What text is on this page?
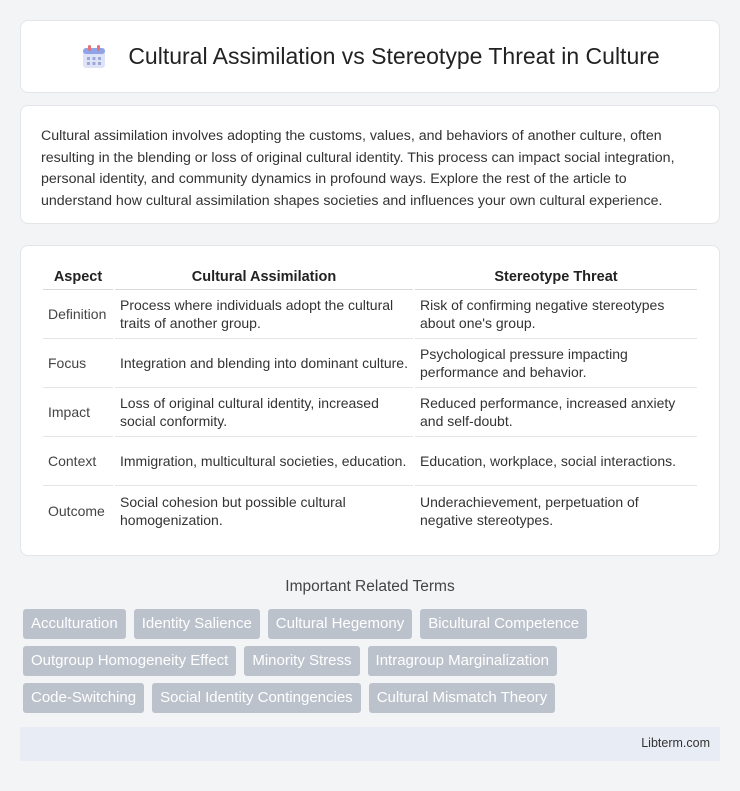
Cultural Assimilation vs Stereotype Threat in Culture

Cultural assimilation involves adopting the customs, values, and behaviors of another culture, often resulting in the blending or loss of original cultural identity. This process can impact social integration, personal identity, and community dynamics in profound ways. Explore the rest of the article to understand how cultural assimilation shapes societies and influences your own cultural experience.

Aspect	Cultural Assimilation	Stereotype Threat
Definition	Process where individuals adopt the cultural traits of another group.	Risk of confirming negative stereotypes about one's group.
Focus	Integration and blending into dominant culture.	Psychological pressure impacting performance and behavior.
Impact	Loss of original cultural identity, increased social conformity.	Reduced performance, increased anxiety and self-doubt.
Context	Immigration, multicultural societies, education.	Education, workplace, social interactions.
Outcome	Social cohesion but possible cultural homogenization.	Underachievement, perpetuation of negative stereotypes.
Important Related Terms
Acculturation	Identity Salience	Cultural Hegemony	Bicultural Competence
Outgroup Homogeneity Effect	Minority Stress	Intragroup Marginalization
Code-Switching	Social Identity Contingencies	Cultural Mismatch Theory
Libterm.com
